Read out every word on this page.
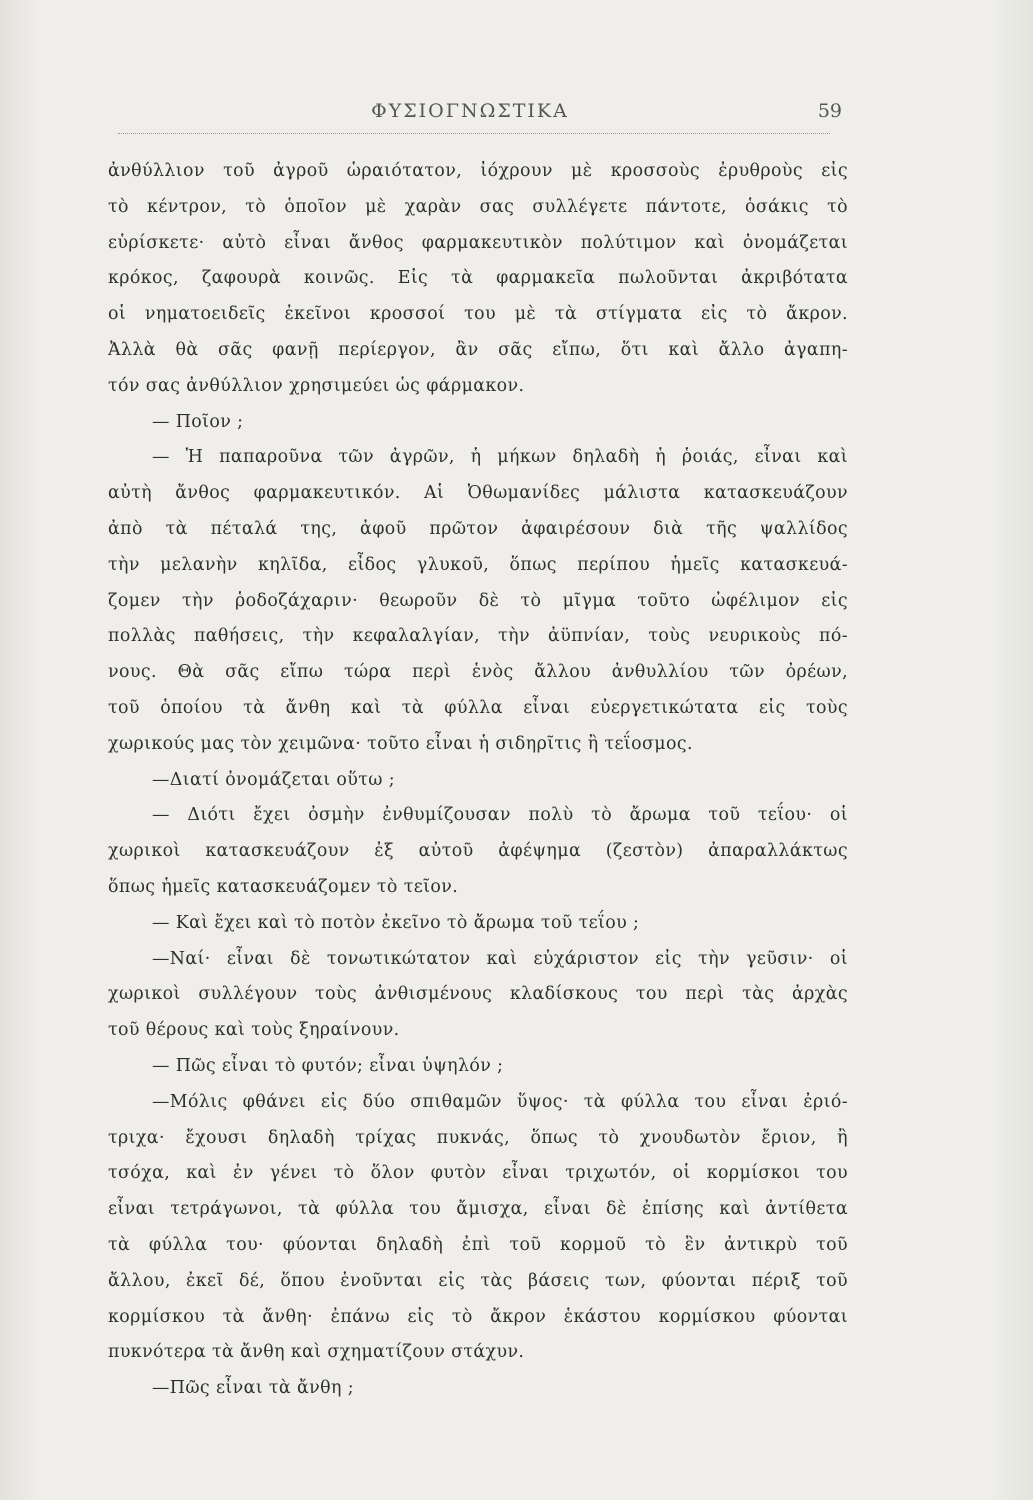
ΦΥΣΙΟΓΝΩΣΤΙΚΑ	59
ἀνθύλλιον τοῦ ἀγροῦ ὡραιότατον, ἰόχρουν μὲ κροσσοὺς ἐρυθροὺς εἰς
τὸ κέντρον, τὸ ὁποῖον μὲ χαρὰν σας συλλέγετε πάντοτε, ὁσάκις τὸ
εὑρίσκετε· αὐτὸ εἶναι ἄνθος φαρμακευτικὸν πολύτιμον καὶ ὀνομάζεται
κρόκος, ζαφουρὰ κοινῶς. Εἰς τὰ φαρμακεῖα πωλοῦνται ἀκριβότατα
οἱ νηματοειδεῖς ἐκεῖνοι κροσσοί του μὲ τὰ στίγματα εἰς τὸ ἄκρον.
Ἀλλὰ θὰ σᾶς φανῇ περίεργον, ἂν σᾶς εἴπω, ὅτι καὶ ἄλλο ἀγαπη-
τόν σας ἀνθύλλιον χρησιμεύει ὡς φάρμακον.
— Ποῖον ;
— Ἡ παπαροῦνα τῶν ἀγρῶν, ἡ μήκων δηλαδὴ ἡ ῥοιάς, εἶναι καὶ
αὐτὴ ἄνθος φαρμακευτικόν. Αἱ Ὀθωμανίδες μάλιστα κατασκευάζουν
ἀπὸ τὰ πέταλά της, ἀφοῦ πρῶτον ἀφαιρέσουν διὰ τῆς ψαλλίδος
τὴν μελανὴν κηλῖδα, εἶδος γλυκοῦ, ὅπως περίπου ἡμεῖς κατασκευά-
ζομεν τὴν ῥοδοζάχαριν· θεωροῦν δὲ τὸ μῖγμα τοῦτο ὠφέλιμον εἰς
πολλὰς παθήσεις, τὴν κεφαλαλγίαν, τὴν ἀϋπνίαν, τοὺς νευρικοὺς πό-
νους. Θὰ σᾶς εἴπω τώρα περὶ ἑνὸς ἄλλου ἀνθυλλίου τῶν ὀρέων,
τοῦ ὁποίου τὰ ἄνθη καὶ τὰ φύλλα εἶναι εὐεργετικώτατα εἰς τοὺς
χωρικούς μας τὸν χειμῶνα· τοῦτο εἶναι ἡ σιδηρῖτις ἢ τεΐοσμος.
—Διατί ὀνομάζεται οὕτω ;
— Διότι ἔχει ὀσμὴν ἐνθυμίζουσαν πολὺ τὸ ἄρωμα τοῦ τεΐου· οἱ
χωρικοὶ κατασκευάζουν ἐξ αὐτοῦ ἀφέψημα (ζεστὸν) ἀπαραλλάκτως
ὅπως ἡμεῖς κατασκευάζομεν τὸ τεῖον.
— Καὶ ἔχει καὶ τὸ ποτὸν ἐκεῖνο τὸ ἄρωμα τοῦ τεΐου ;
—Ναί· εἶναι δὲ τονωτικώτατον καὶ εὐχάριστον εἰς τὴν γεῦσιν· οἱ
χωρικοὶ συλλέγουν τοὺς ἀνθισμένους κλαδίσκους του περὶ τὰς ἀρχὰς
τοῦ θέρους καὶ τοὺς ξηραίνουν.
— Πῶς εἶναι τὸ φυτόν; εἶναι ὑψηλόν ;
—Μόλις φθάνει εἰς δύο σπιθαμῶν ὕψος· τὰ φύλλα του εἶναι ἐριό-
τριχα· ἔχουσι δηλαδὴ τρίχας πυκνάς, ὅπως τὸ χνουδωτὸν ἔριον, ἢ
τσόχα, καὶ ἐν γένει τὸ ὅλον φυτὸν εἶναι τριχωτόν, οἱ κορμίσκοι του
εἶναι τετράγωνοι, τὰ φύλλα του ἄμισχα, εἶναι δὲ ἐπίσης καὶ ἀντίθετα
τὰ φύλλα του· φύονται δηλαδὴ ἐπὶ τοῦ κορμοῦ τὸ ἓν ἀντικρὺ τοῦ
ἄλλου, ἐκεῖ δέ, ὅπου ἑνοῦνται εἰς τὰς βάσεις των, φύονται πέριξ τοῦ
κορμίσκου τὰ ἄνθη· ἐπάνω εἰς τὸ ἄκρον ἑκάστου κορμίσκου φύονται
πυκνότερα τὰ ἄνθη καὶ σχηματίζουν στάχυν.
—Πῶς εἶναι τὰ ἄνθη ;
